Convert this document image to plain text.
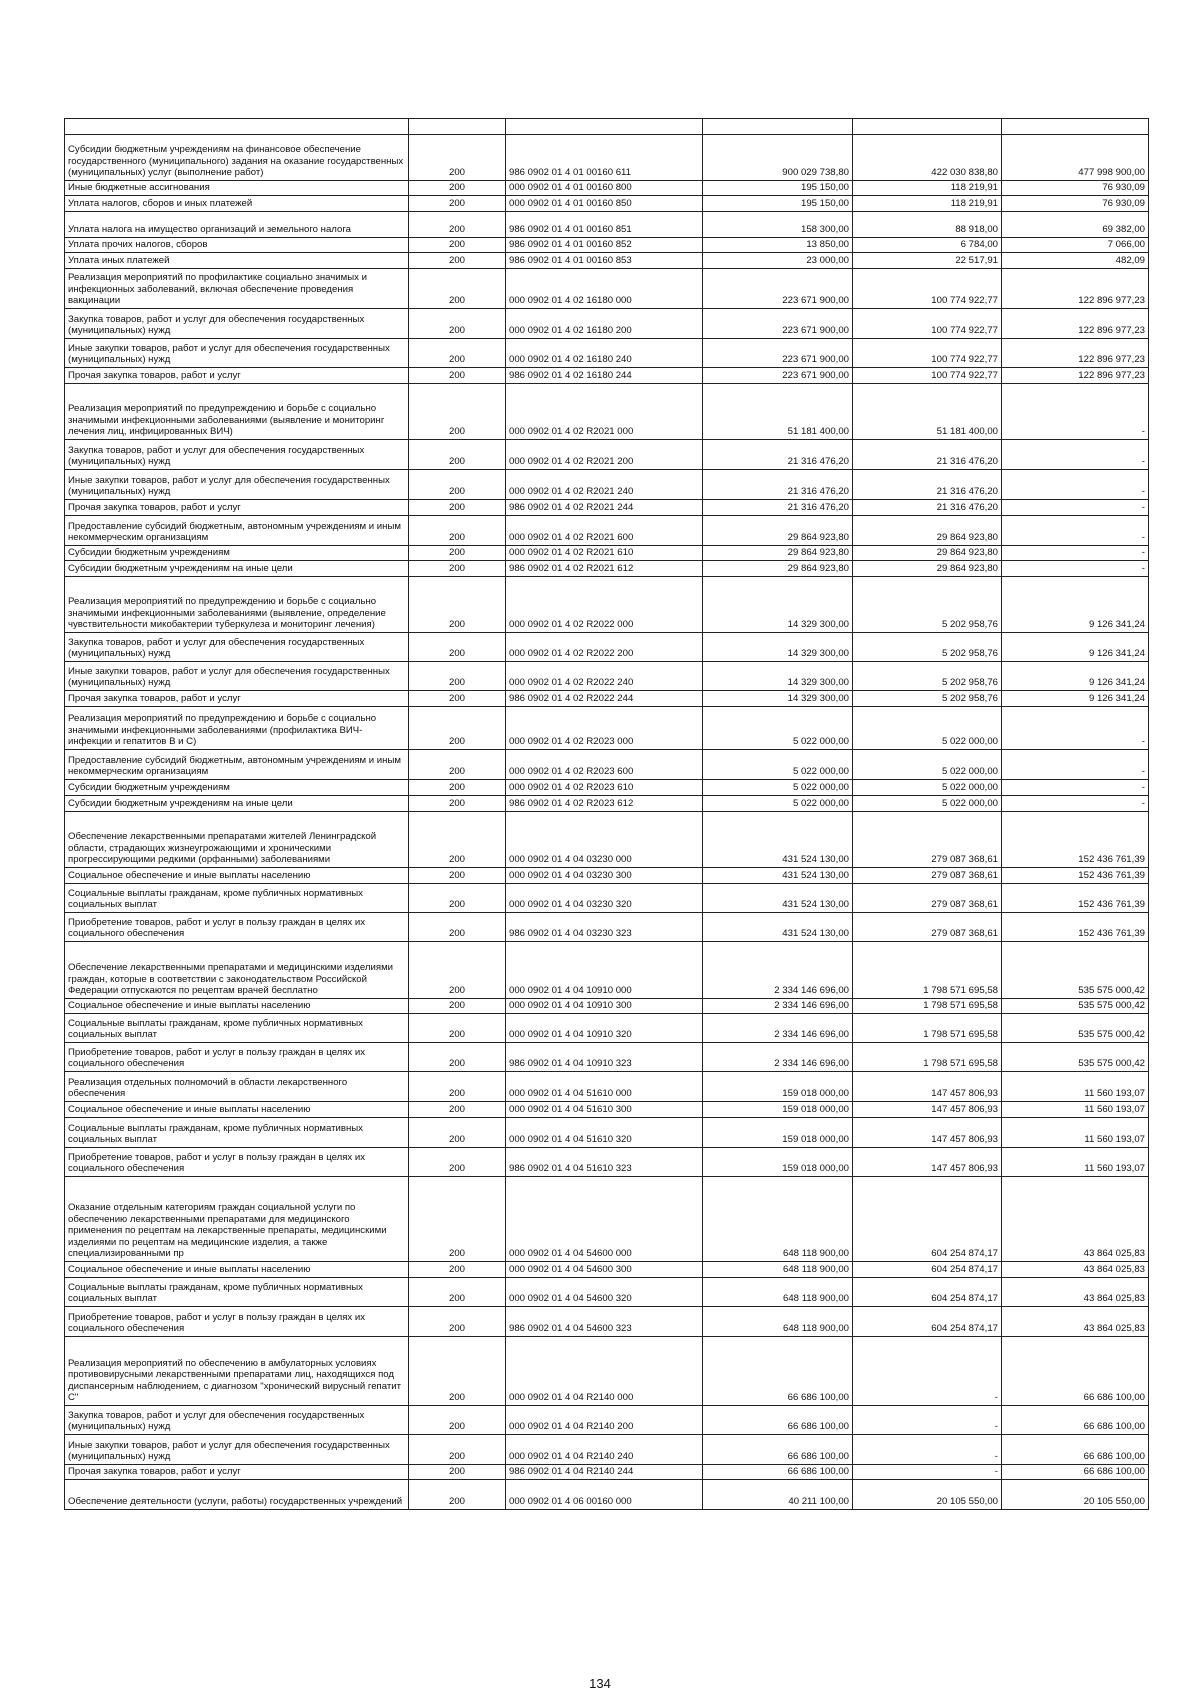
Субсидии бюджетным учреждениям на финансовое обеспечение государственного (муниципального) задания на оказание государственных (муниципальных) услуг (выполнение работ)	200	986 0902 01 4 01 00160 611	900 029 738,80	422 030 838,80	477 998 900,00
Иные бюджетные ассигнования	200	000 0902 01 4 01 00160 800	195 150,00	118 219,91	76 930,09
Уплата налогов, сборов и иных платежей	200	000 0902 01 4 01 00160 850	195 150,00	118 219,91	76 930,09
Уплата налога на имущество организаций и земельного налога	200	986 0902 01 4 01 00160 851	158 300,00	88 918,00	69 382,00
Уплата прочих налогов, сборов	200	986 0902 01 4 01 00160 852	13 850,00	6 784,00	7 066,00
Уплата иных платежей	200	986 0902 01 4 01 00160 853	23 000,00	22 517,91	482,09
Реализация мероприятий по профилактике социально значимых и инфекционных заболеваний, включая обеспечение проведения вакцинации	200	000 0902 01 4 02 16180 000	223 671 900,00	100 774 922,77	122 896 977,23
Закупка товаров, работ и услуг для обеспечения государственных (муниципальных) нужд	200	000 0902 01 4 02 16180 200	223 671 900,00	100 774 922,77	122 896 977,23
Иные закупки товаров, работ и услуг для обеспечения государственных (муниципальных) нужд	200	000 0902 01 4 02 16180 240	223 671 900,00	100 774 922,77	122 896 977,23
Прочая закупка товаров, работ и услуг	200	986 0902 01 4 02 16180 244	223 671 900,00	100 774 922,77	122 896 977,23
Реализация мероприятий по предупреждению и борьбе с социально значимыми инфекционными заболеваниями (выявление и мониторинг лечения лиц, инфицированных ВИЧ)	200	000 0902 01 4 02 R2021 000	51 181 400,00	51 181 400,00	-
Закупка товаров, работ и услуг для обеспечения государственных (муниципальных) нужд	200	000 0902 01 4 02 R2021 200	21 316 476,20	21 316 476,20	-
Иные закупки товаров, работ и услуг для обеспечения государственных (муниципальных) нужд	200	000 0902 01 4 02 R2021 240	21 316 476,20	21 316 476,20	-
Прочая закупка товаров, работ и услуг	200	986 0902 01 4 02 R2021 244	21 316 476,20	21 316 476,20	-
Предоставление субсидий бюджетным, автономным учреждениям и иным некоммерческим организациям	200	000 0902 01 4 02 R2021 600	29 864 923,80	29 864 923,80	-
Субсидии бюджетным учреждениям	200	000 0902 01 4 02 R2021 610	29 864 923,80	29 864 923,80	-
Субсидии бюджетным учреждениям на иные цели	200	986 0902 01 4 02 R2021 612	29 864 923,80	29 864 923,80	-
Реализация мероприятий по предупреждению и борьбе с социально значимыми инфекционными заболеваниями (выявление, определение чувствительности микобактерии туберкулеза и мониторинг лечения)	200	000 0902 01 4 02 R2022 000	14 329 300,00	5 202 958,76	9 126 341,24
Закупка товаров, работ и услуг для обеспечения государственных (муниципальных) нужд	200	000 0902 01 4 02 R2022 200	14 329 300,00	5 202 958,76	9 126 341,24
Иные закупки товаров, работ и услуг для обеспечения государственных (муниципальных) нужд	200	000 0902 01 4 02 R2022 240	14 329 300,00	5 202 958,76	9 126 341,24
Прочая закупка товаров, работ и услуг	200	986 0902 01 4 02 R2022 244	14 329 300,00	5 202 958,76	9 126 341,24
Реализация мероприятий по предупреждению и борьбе с социально значимыми инфекционными заболеваниями (профилактика ВИЧ-инфекции и гепатитов В и С)	200	000 0902 01 4 02 R2023 000	5 022 000,00	5 022 000,00	-
Предоставление субсидий бюджетным, автономным учреждениям и иным некоммерческим организациям	200	000 0902 01 4 02 R2023 600	5 022 000,00	5 022 000,00	-
Субсидии бюджетным учреждениям	200	000 0902 01 4 02 R2023 610	5 022 000,00	5 022 000,00	-
Субсидии бюджетным учреждениям на иные цели	200	986 0902 01 4 02 R2023 612	5 022 000,00	5 022 000,00	-
Обеспечение лекарственными препаратами жителей Ленинградской области, страдающих жизнеугрожающими и хроническими прогрессирующими редкими (орфанными) заболеваниями	200	000 0902 01 4 04 03230 000	431 524 130,00	279 087 368,61	152 436 761,39
Социальное обеспечение и иные выплаты населению	200	000 0902 01 4 04 03230 300	431 524 130,00	279 087 368,61	152 436 761,39
Социальные выплаты гражданам, кроме публичных нормативных социальных выплат	200	000 0902 01 4 04 03230 320	431 524 130,00	279 087 368,61	152 436 761,39
Приобретение товаров, работ и услуг в пользу граждан в целях их социального обеспечения	200	986 0902 01 4 04 03230 323	431 524 130,00	279 087 368,61	152 436 761,39
Обеспечение лекарственными препаратами и медицинскими изделиями граждан, которые в соответствии с законодательством Российской Федерации отпускаются по рецептам врачей бесплатно	200	000 0902 01 4 04 10910 000	2 334 146 696,00	1 798 571 695,58	535 575 000,42
Социальное обеспечение и иные выплаты населению	200	000 0902 01 4 04 10910 300	2 334 146 696,00	1 798 571 695,58	535 575 000,42
Социальные выплаты гражданам, кроме публичных нормативных социальных выплат	200	000 0902 01 4 04 10910 320	2 334 146 696,00	1 798 571 695,58	535 575 000,42
Приобретение товаров, работ и услуг в пользу граждан в целях их социального обеспечения	200	986 0902 01 4 04 10910 323	2 334 146 696,00	1 798 571 695,58	535 575 000,42
Реализация отдельных полномочий в области лекарственного обеспечения	200	000 0902 01 4 04 51610 000	159 018 000,00	147 457 806,93	11 560 193,07
Социальное обеспечение и иные выплаты населению	200	000 0902 01 4 04 51610 300	159 018 000,00	147 457 806,93	11 560 193,07
Социальные выплаты гражданам, кроме публичных нормативных социальных выплат	200	000 0902 01 4 04 51610 320	159 018 000,00	147 457 806,93	11 560 193,07
Приобретение товаров, работ и услуг в пользу граждан в целях их социального обеспечения	200	986 0902 01 4 04 51610 323	159 018 000,00	147 457 806,93	11 560 193,07
Оказание отдельным категориям граждан социальной услуги по обеспечению лекарственными препаратами для медицинского применения по рецептам на лекарственные препараты, медицинскими изделиями по рецептам на медицинские изделия, а также специализированными пр	200	000 0902 01 4 04 54600 000	648 118 900,00	604 254 874,17	43 864 025,83
Социальное обеспечение и иные выплаты населению	200	000 0902 01 4 04 54600 300	648 118 900,00	604 254 874,17	43 864 025,83
Социальные выплаты гражданам, кроме публичных нормативных социальных выплат	200	000 0902 01 4 04 54600 320	648 118 900,00	604 254 874,17	43 864 025,83
Приобретение товаров, работ и услуг в пользу граждан в целях их социального обеспечения	200	986 0902 01 4 04 54600 323	648 118 900,00	604 254 874,17	43 864 025,83
Реализация мероприятий по обеспечению в амбулаторных условиях противовирусными лекарственными препаратами лиц, находящихся под диспансерным наблюдением, с диагнозом "хронический вирусный гепатит С"	200	000 0902 01 4 04 R2140 000	66 686 100,00	-	66 686 100,00
Закупка товаров, работ и услуг для обеспечения государственных (муниципальных) нужд	200	000 0902 01 4 04 R2140 200	66 686 100,00	-	66 686 100,00
Иные закупки товаров, работ и услуг для обеспечения государственных (муниципальных) нужд	200	000 0902 01 4 04 R2140 240	66 686 100,00	-	66 686 100,00
Прочая закупка товаров, работ и услуг	200	986 0902 01 4 04 R2140 244	66 686 100,00	-	66 686 100,00
Обеспечение деятельности (услуги, работы) государственных учреждений	200	000 0902 01 4 06 00160 000	40 211 100,00	20 105 550,00	20 105 550,00
134
